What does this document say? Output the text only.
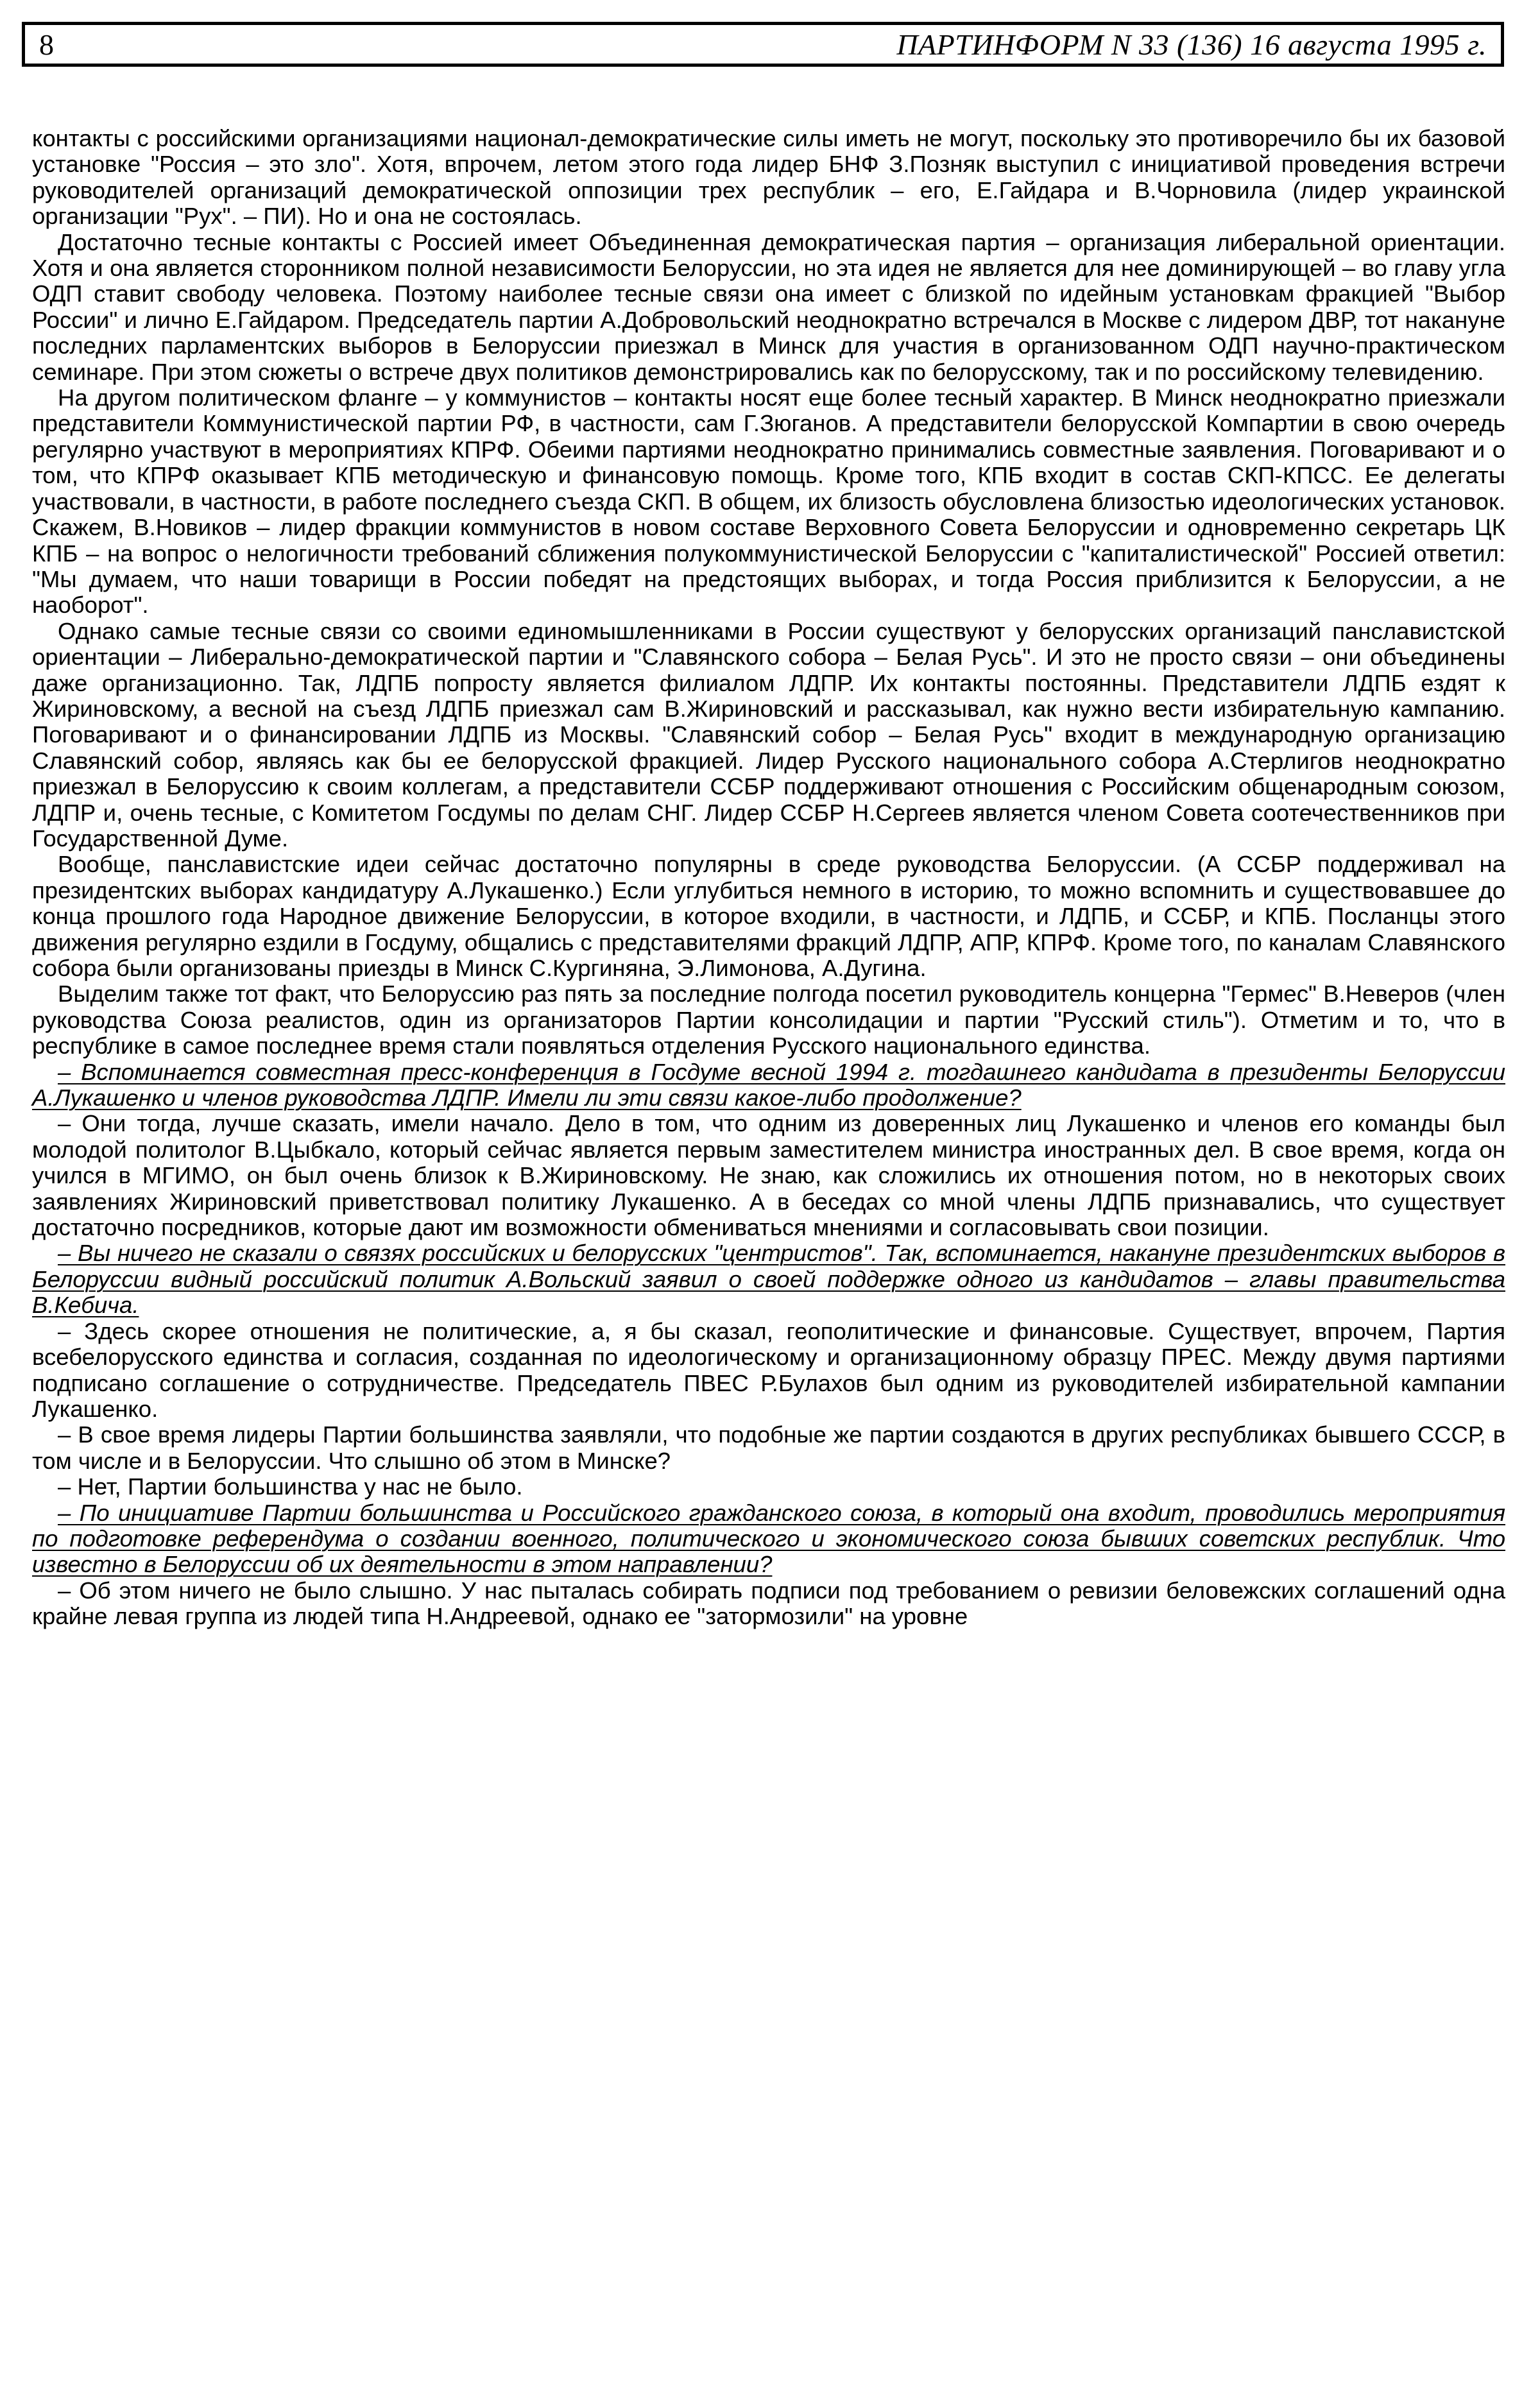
8	ПАРТИНФОРМ N 33 (136) 16 августа 1995 г.

контакты с российскими организациями национал-демократические силы иметь не могут, поскольку это противоречило бы их базовой установке "Россия – это зло". Хотя, впрочем, летом этого года лидер БНФ З.Позняк выступил с инициативой проведения встречи руководителей организаций демократической оппозиции трех республик – его, Е.Гайдара и В.Чорновила (лидер украинской организации "Рух". – ПИ). Но и она не состоялась.

Достаточно тесные контакты с Россией имеет Объединенная демократическая партия – организация либеральной ориентации. Хотя и она является сторонником полной независимости Белоруссии, но эта идея не является для нее доминирующей – во главу угла ОДП ставит свободу человека. Поэтому наиболее тесные связи она имеет с близкой по идейным установкам фракцией "Выбор России" и лично Е.Гайдаром. Председатель партии А.Добровольский неоднократно встречался в Москве с лидером ДВР, тот накануне последних парламентских выборов в Белоруссии приезжал в Минск для участия в организованном ОДП научно-практическом семинаре. При этом сюжеты о встрече двух политиков демонстрировались как по белорусскому, так и по российскому телевидению.

На другом политическом фланге – у коммунистов – контакты носят еще более тесный характер. В Минск неоднократно приезжали представители Коммунистической партии РФ, в частности, сам Г.Зюганов. А представители белорусской Компартии в свою очередь регулярно участвуют в мероприятиях КПРФ. Обеими партиями неоднократно принимались совместные заявления. Поговаривают и о том, что КПРФ оказывает КПБ методическую и финансовую помощь. Кроме того, КПБ входит в состав СКП-КПСС. Ее делегаты участвовали, в частности, в работе последнего съезда СКП. В общем, их близость обусловлена близостью идеологических установок. Скажем, В.Новиков – лидер фракции коммунистов в новом составе Верховного Совета Белоруссии и одновременно секретарь ЦК КПБ – на вопрос о нелогичности требований сближения полукоммунистической Белоруссии с "капиталистической" Россией ответил: "Мы думаем, что наши товарищи в России победят на предстоящих выборах, и тогда Россия приблизится к Белоруссии, а не наоборот".

Однако самые тесные связи со своими единомышленниками в России существуют у белорусских организаций панславистской ориентации – Либерально-демократической партии и "Славянского собора – Белая Русь". И это не просто связи – они объединены даже организационно. Так, ЛДПБ попросту является филиалом ЛДПР. Их контакты постоянны. Представители ЛДПБ ездят к Жириновскому, а весной на съезд ЛДПБ приезжал сам В.Жириновский и рассказывал, как нужно вести избирательную кампанию. Поговаривают и о финансировании ЛДПБ из Москвы. "Славянский собор – Белая Русь" входит в международную организацию Славянский собор, являясь как бы ее белорусской фракцией. Лидер Русского национального собора А.Стерлигов неоднократно приезжал в Белоруссию к своим коллегам, а представители ССБР поддерживают отношения с Российским общенародным союзом, ЛДПР и, очень тесные, с Комитетом Госдумы по делам СНГ. Лидер ССБР Н.Сергеев является членом Совета соотечественников при Государственной Думе.

Вообще, панславистские идеи сейчас достаточно популярны в среде руководства Белоруссии. (А ССБР поддерживал на президентских выборах кандидатуру А.Лукашенко.) Если углубиться немного в историю, то можно вспомнить и существовавшее до конца прошлого года Народное движение Белоруссии, в которое входили, в частности, и ЛДПБ, и ССБР, и КПБ. Посланцы этого движения регулярно ездили в Госдуму, общались с представителями фракций ЛДПР, АПР, КПРФ. Кроме того, по каналам Славянского собора были организованы приезды в Минск С.Кургиняна, Э.Лимонова, А.Дугина.

Выделим также тот факт, что Белоруссию раз пять за последние полгода посетил руководитель концерна "Гермес" В.Неверов (член руководства Союза реалистов, один из организаторов Партии консолидации и партии "Русский стиль"). Отметим и то, что в республике в самое последнее время стали появляться отделения Русского национального единства.

– Вспоминается совместная пресс-конференция в Госдуме весной 1994 г. тогдашнего кандидата в президенты Белоруссии А.Лукашенко и членов руководства ЛДПР. Имели ли эти связи какое-либо продолжение?

– Они тогда, лучше сказать, имели начало. Дело в том, что одним из доверенных лиц Лукашенко и членов его команды был молодой политолог В.Цыбкало, который сейчас является первым заместителем министра иностранных дел. В свое время, когда он учился в МГИМО, он был очень близок к В.Жириновскому. Не знаю, как сложились их отношения потом, но в некоторых своих заявлениях Жириновский приветствовал политику Лукашенко. А в беседах со мной члены ЛДПБ признавались, что существует достаточно посредников, которые дают им возможности обмениваться мнениями и согласовывать свои позиции.

– Вы ничего не сказали о связях российских и белорусских "центристов". Так, вспоминается, накануне президентских выборов в Белоруссии видный российский политик А.Вольский заявил о своей поддержке одного из кандидатов – главы правительства В.Кебича.

– Здесь скорее отношения не политические, а, я бы сказал, геополитические и финансовые. Существует, впрочем, Партия всебелорусского единства и согласия, созданная по идеологическому и организационному образцу ПРЕС. Между двумя партиями подписано соглашение о сотрудничестве. Председатель ПВЕС Р.Булахов был одним из руководителей избирательной кампании Лукашенко.

– В свое время лидеры Партии большинства заявляли, что подобные же партии создаются в других республиках бывшего СССР, в том числе и в Белоруссии. Что слышно об этом в Минске?

– Нет, Партии большинства у нас не было.

– По инициативе Партии большинства и Российского гражданского союза, в который она входит, проводились мероприятия по подготовке референдума о создании военного, политического и экономического союза бывших советских республик. Что известно в Белоруссии об их деятельности в этом направлении?

– Об этом ничего не было слышно. У нас пыталась собирать подписи под требованием о ревизии беловежских соглашений одна крайне левая группа из людей типа Н.Андреевой, однако ее "затормозили" на уровне
